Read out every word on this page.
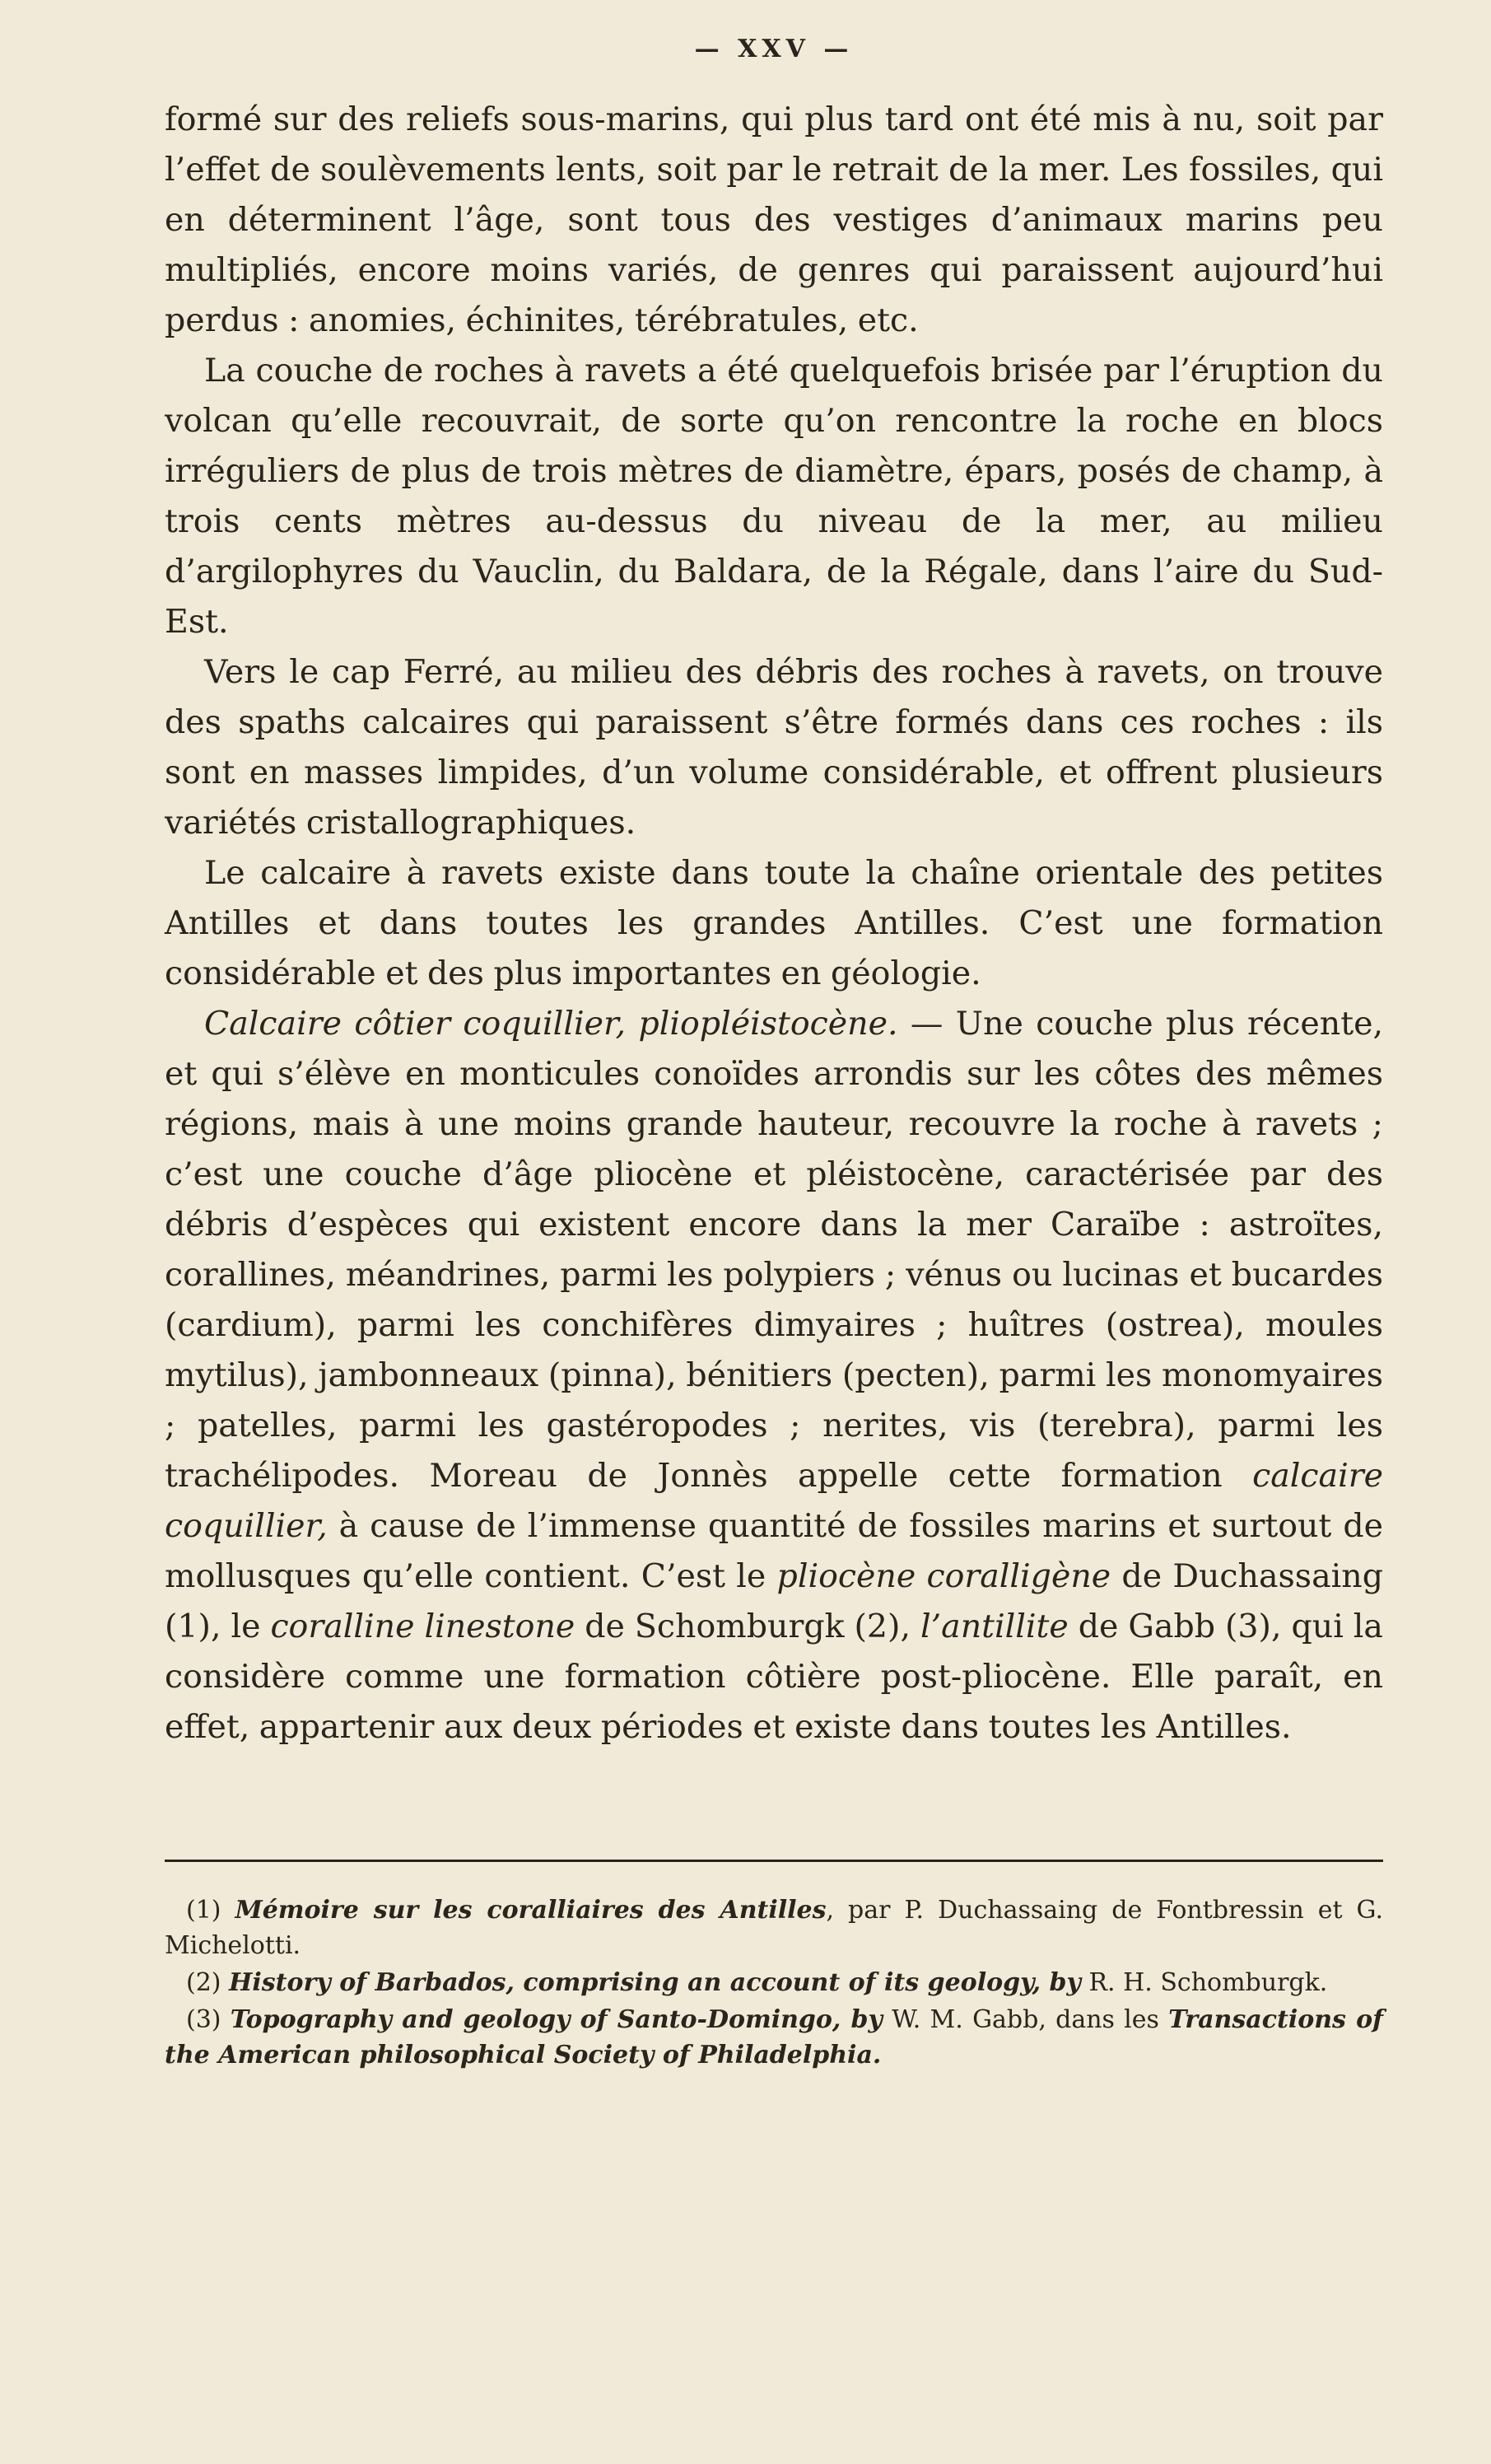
— XXV —

formé sur des reliefs sous-marins, qui plus tard ont été mis à nu, soit par l’effet de soulèvements lents, soit par le retrait de la mer. Les fossiles, qui en déterminent l’âge, sont tous des vestiges d’animaux marins peu multipliés, encore moins variés, de genres qui paraissent aujourd’hui perdus : anomies, échinites, térébratules, etc.

La couche de roches à ravets a été quelquefois brisée par l’éruption du volcan qu’elle recouvrait, de sorte qu’on rencontre la roche en blocs irréguliers de plus de trois mètres de diamètre, épars, posés de champ, à trois cents mètres au-dessus du niveau de la mer, au milieu d’argilophyres du Vauclin, du Baldara, de la Régale, dans l’aire du Sud-Est.

Vers le cap Ferré, au milieu des débris des roches à ravets, on trouve des spaths calcaires qui paraissent s’être formés dans ces roches : ils sont en masses limpides, d’un volume considérable, et offrent plusieurs variétés cristallographiques.

Le calcaire à ravets existe dans toute la chaîne orientale des petites Antilles et dans toutes les grandes Antilles. C’est une formation considérable et des plus importantes en géologie.

Calcaire côtier coquillier, pliopléistocène. — Une couche plus récente, et qui s’élève en monticules conoïdes arrondis sur les côtes des mêmes régions, mais à une moins grande hauteur, recouvre la roche à ravets ; c’est une couche d’âge pliocène et pléistocène, caractérisée par des débris d’espèces qui existent encore dans la mer Caraïbe : astroïtes, corallines, méandrines, parmi les polypiers ; vénus ou lucinas et bucardes (cardium), parmi les conchifères dimyaires ; huîtres (ostrea), moules mytilus), jambonneaux (pinna), bénitiers (pecten), parmi les monomyaires ; patelles, parmi les gastéropodes ; nerites, vis (terebra), parmi les trachélipodes. Moreau de Jonnès appelle cette formation calcaire coquillier, à cause de l’immense quantité de fossiles marins et surtout de mollusques qu’elle contient. C’est le pliocène coralligène de Duchassaing (1), le coralline linestone de Schomburgk (2), l’antillite de Gabb (3), qui la considère comme une formation côtière post-pliocène. Elle paraît, en effet, appartenir aux deux périodes et existe dans toutes les Antilles.

(1) Mémoire sur les coralliaires des Antilles, par P. Duchassaing de Fontbressin et G. Michelotti.

(2) History of Barbados, comprising an account of its geology, by R. H. Schomburgk.

(3) Topography and geology of Santo-Domingo, by W. M. Gabb, dans les Transactions of the American philosophical Society of Philadelphia.
